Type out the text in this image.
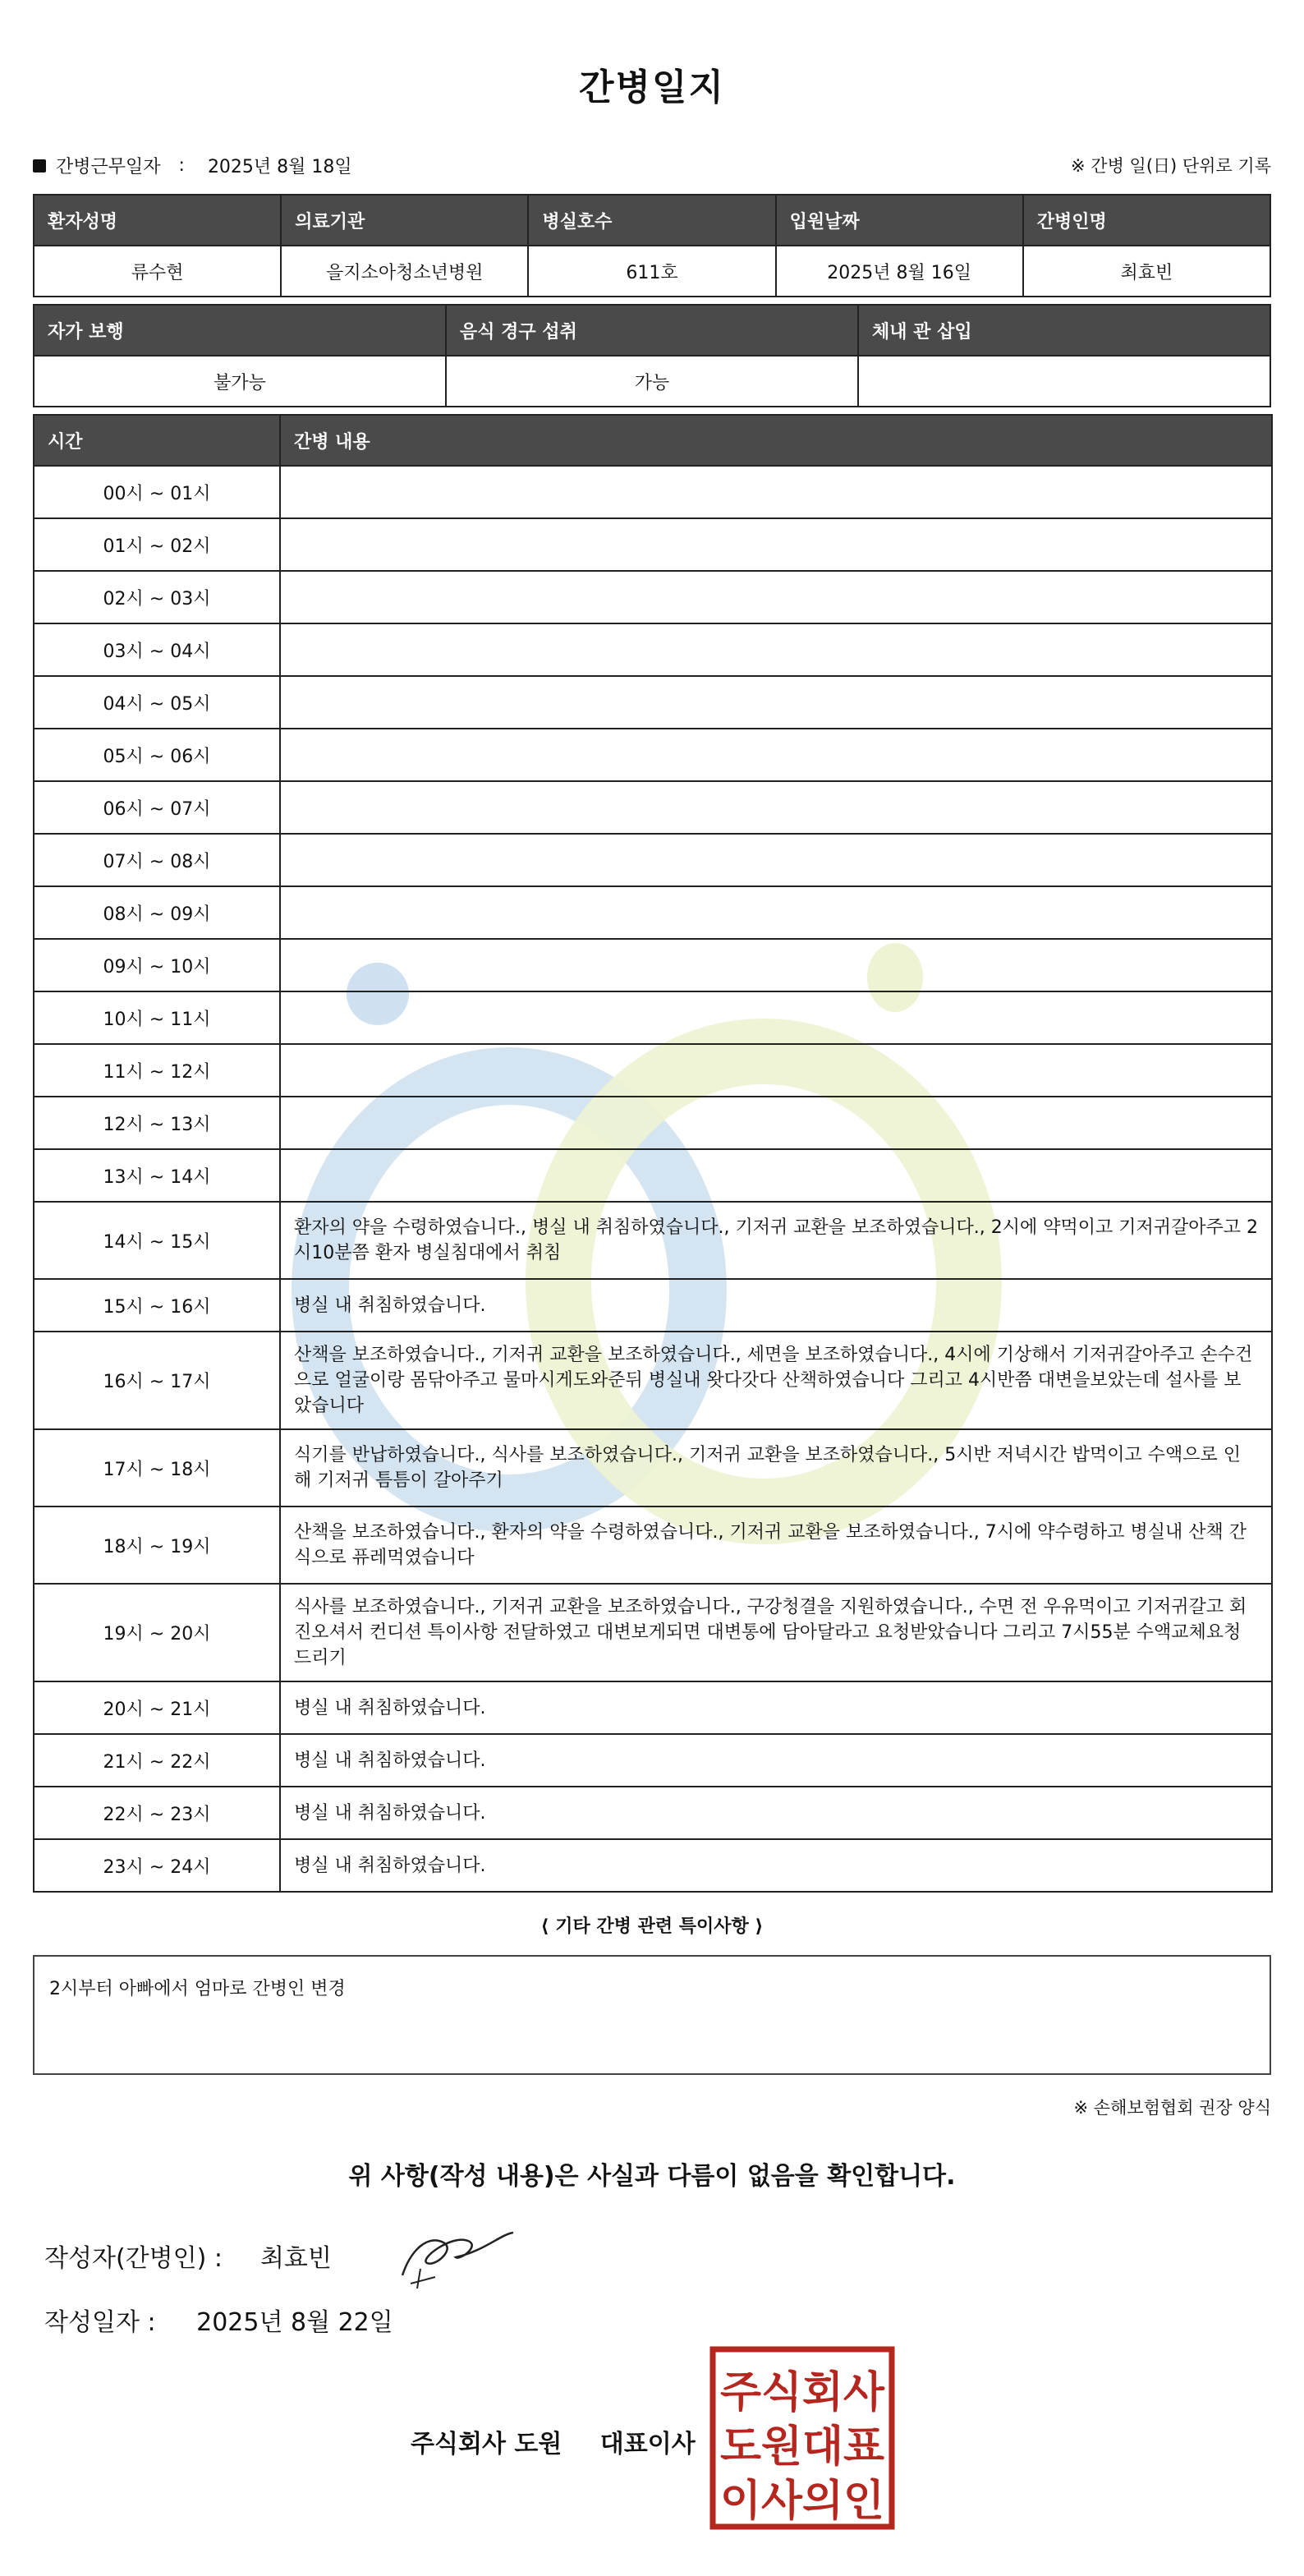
간병일지
간병근무일자 : 2025년 8월 18일	※ 간병 일(日) 단위로 기록
환자성명	의료기관	병실호수	입원날짜	간병인명
류수현	을지소아청소년병원	611호	2025년 8월 16일	최효빈
자가 보행	음식 경구 섭취	체내 관 삽입
불가능	가능	
시간	간병 내용
00시 ~ 01시	
01시 ~ 02시	
02시 ~ 03시	
03시 ~ 04시	
04시 ~ 05시	
05시 ~ 06시	
06시 ~ 07시	
07시 ~ 08시	
08시 ~ 09시	
09시 ~ 10시	
10시 ~ 11시	
11시 ~ 12시	
12시 ~ 13시	
13시 ~ 14시	
14시 ~ 15시	환자의 약을 수령하였습니다., 병실 내 취침하였습니다., 기저귀 교환을 보조하였습니다., 2시에 약먹이고 기저귀갈아주고 2시10분쯤 환자 병실침대에서 취침
15시 ~ 16시	병실 내 취침하였습니다.
16시 ~ 17시	산책을 보조하였습니다., 기저귀 교환을 보조하였습니다., 세면을 보조하였습니다., 4시에 기상해서 기저귀갈아주고 손수건으로 얼굴이랑 몸닦아주고 물마시게도와준뒤 병실내 왓다갓다 산책하였습니다 그리고 4시반쯤 대변을보았는데 설사를 보았습니다
17시 ~ 18시	식기를 반납하였습니다., 식사를 보조하였습니다., 기저귀 교환을 보조하였습니다., 5시반 저녁시간 밥먹이고 수액으로 인해 기저귀 틈틈이 갈아주기
18시 ~ 19시	산책을 보조하였습니다., 환자의 약을 수령하였습니다., 기저귀 교환을 보조하였습니다., 7시에 약수령하고 병실내 산책 간식으로 퓨레먹였습니다
19시 ~ 20시	식사를 보조하였습니다., 기저귀 교환을 보조하였습니다., 구강청결을 지원하였습니다., 수면 전 우유먹이고 기저귀갈고 회진오셔서 컨디션 특이사항 전달하였고 대변보게되면 대변통에 담아달라고 요청받았습니다 그리고 7시55분 수액교체요청드리기
20시 ~ 21시	병실 내 취침하였습니다.
21시 ~ 22시	병실 내 취침하였습니다.
22시 ~ 23시	병실 내 취침하였습니다.
23시 ~ 24시	병실 내 취침하였습니다.
⟨ 기타 간병 관련 특이사항 ⟩
2시부터 아빠에서 엄마로 간병인 변경
※ 손해보험협회 권장 양식
위 사항(작성 내용)은 사실과 다름이 없음을 확인합니다.
작성자(간병인) : 최효빈
작성일자 : 2025년 8월 22일
주식회사 도원 대표이사
주식회사
도원대표
이사의인
